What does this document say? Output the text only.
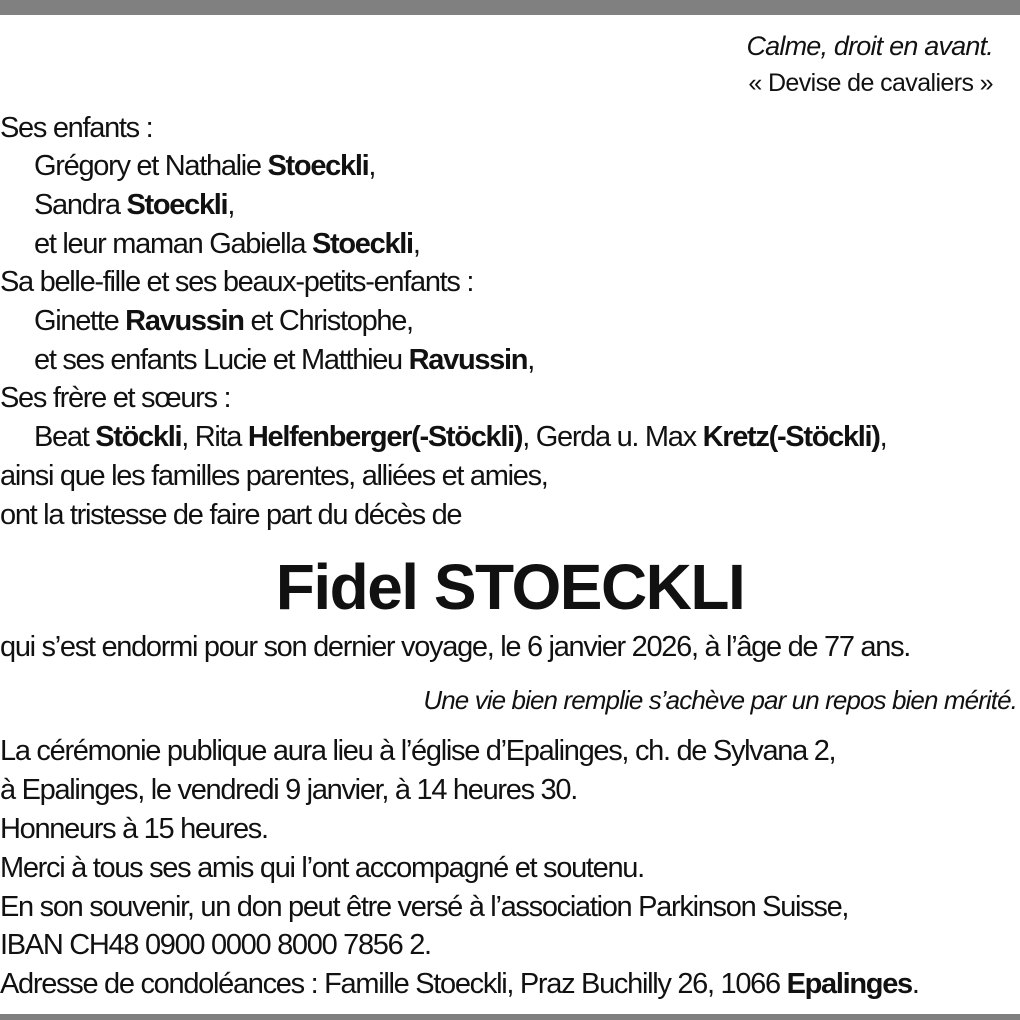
Calme, droit en avant.
« Devise de cavaliers »
Ses enfants :
Grégory et Nathalie Stoeckli,
Sandra Stoeckli,
et leur maman Gabiella Stoeckli,
Sa belle-fille et ses beaux-petits-enfants :
Ginette Ravussin et Christophe,
et ses enfants Lucie et Matthieu Ravussin,
Ses frère et sœurs :
Beat Stöckli, Rita Helfenberger(-Stöckli), Gerda u. Max Kretz(-Stöckli),
ainsi que les familles parentes, alliées et amies,
ont la tristesse de faire part du décès de
Fidel STOECKLI
qui s’est endormi pour son dernier voyage, le 6 janvier 2026, à l’âge de 77 ans.
Une vie bien remplie s’achève par un repos bien mérité.
La cérémonie publique aura lieu à l’église d’Epalinges, ch. de Sylvana 2,
à Epalinges, le vendredi 9 janvier, à 14 heures 30.
Honneurs à 15 heures.
Merci à tous ses amis qui l’ont accompagné et soutenu.
En son souvenir, un don peut être versé à l’association Parkinson Suisse,
IBAN CH48 0900 0000 8000 7856 2.
Adresse de condoléances : Famille Stoeckli, Praz Buchilly 26, 1066 Epalinges.
